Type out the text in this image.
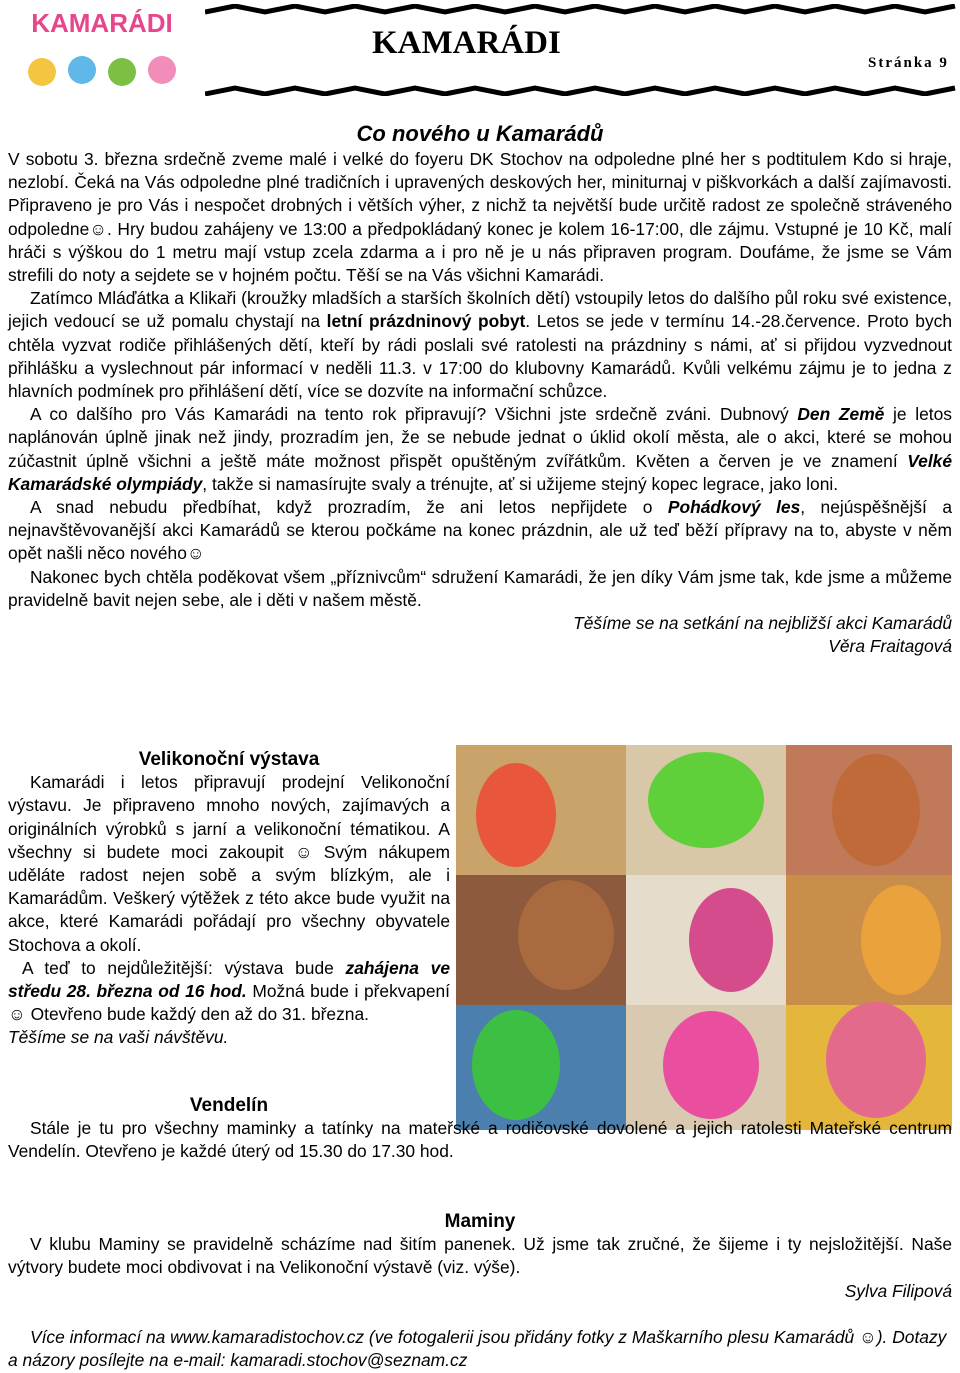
KAMARÁDI
KAMARÁDI
Stránka 9
Co nového u Kamarádů

V sobotu 3. března srdečně zveme malé i velké do foyeru DK Stochov na odpoledne plné her s podtitulem Kdo si hraje, nezlobí. Čeká na Vás odpoledne plné tradičních i upravených deskových her, miniturnaj v piškvorkách a další zajímavosti. Připraveno je pro Vás i nespočet drobných i větších výher, z nichž ta největší bude určitě radost ze společně stráveného odpoledne☺. Hry budou zahájeny ve 13:00 a předpokládaný konec je kolem 16-17:00, dle zájmu. Vstupné je 10 Kč, malí hráči s výškou do 1 metru mají vstup zcela zdarma a i pro ně je u nás připraven program. Doufáme, že jsme se Vám strefili do noty a sejdete se v hojném počtu. Těší se na Vás všichni Kamarádi.

Zatímco Mláďátka a Klikaři (kroužky mladších a starších školních dětí) vstoupily letos do dalšího půl roku své existence, jejich vedoucí se už pomalu chystají na letní prázdninový pobyt. Letos se jede v termínu 14.-28.července. Proto bych chtěla vyzvat rodiče přihlášených dětí, kteří by rádi poslali své ratolesti na prázdniny s námi, ať si přijdou vyzvednout přihlášku a vyslechnout pár informací v neděli 11.3. v 17:00 do klubovny Kamarádů. Kvůli velkému zájmu je to jedna z hlavních podmínek pro přihlášení dětí, více se dozvíte na informační schůzce.

A co dalšího pro Vás Kamarádi na tento rok připravují? Všichni jste srdečně zváni. Dubnový Den Země je letos naplánován úplně jinak než jindy, prozradím jen, že se nebude jednat o úklid okolí města, ale o akci, které se mohou zúčastnit úplně všichni a ještě máte možnost přispět opuštěným zvířátkům. Květen a červen je ve znamení Velké Kamarádské olympiády, takže si namasírujte svaly a trénujte, ať si užijeme stejný kopec legrace, jako loni.

A snad nebudu předbíhat, když prozradím, že ani letos nepřijdete o Pohádkový les, nejúspěšnější a nejnavštěvovanější akci Kamarádů se kterou počkáme na konec prázdnin, ale už teď běží přípravy na to, abyste v něm opět našli něco nového☺

Nakonec bych chtěla poděkovat všem „příznivcům“ sdružení Kamarádi, že jen díky Vám jsme tak, kde jsme a můžeme pravidelně bavit nejen sebe, ale i děti v našem městě.

Těšíme se na setkání na nejbližší akci Kamarádů

Věra Fraitagová

Velikonoční výstava

Kamarádi i letos připravují prodejní Velikonoční výstavu. Je připraveno mnoho nových, zajímavých a originálních výrobků s jarní a velikonoční tématikou. A všechny si budete moci zakoupit ☺ Svým nákupem uděláte radost nejen sobě a svým blízkým, ale i Kamarádům. Veškerý výtěžek z této akce bude využit na akce, které Kamarádi pořádají pro všechny obyvatele Stochova a okolí.

A teď to nejdůležitější: výstava bude zahájena ve středu 28. března od 16 hod. Možná bude i překvapení ☺ Otevřeno bude každý den až do 31. března.

Těšíme se na vaši návštěvu.

Vendelín

Stále je tu pro všechny maminky a tatínky na mateřské a rodičovské dovolené a jejich ratolesti Mateřské centrum Vendelín. Otevřeno je každé úterý od 15.30 do 17.30 hod.

Maminy

V klubu Maminy se pravidelně scházíme nad šitím panenek. Už jsme tak zručné, že šijeme i ty nejsložitější. Naše výtvory budete moci obdivovat i na Velikonoční výstavě (viz. výše).

Sylva Filipová

Více informací na www.kamaradistochov.cz (ve fotogalerii jsou přidány fotky z Maškarního plesu Kamarádů ☺). Dotazy a názory posílejte na e-mail: kamaradi.stochov@seznam.cz
